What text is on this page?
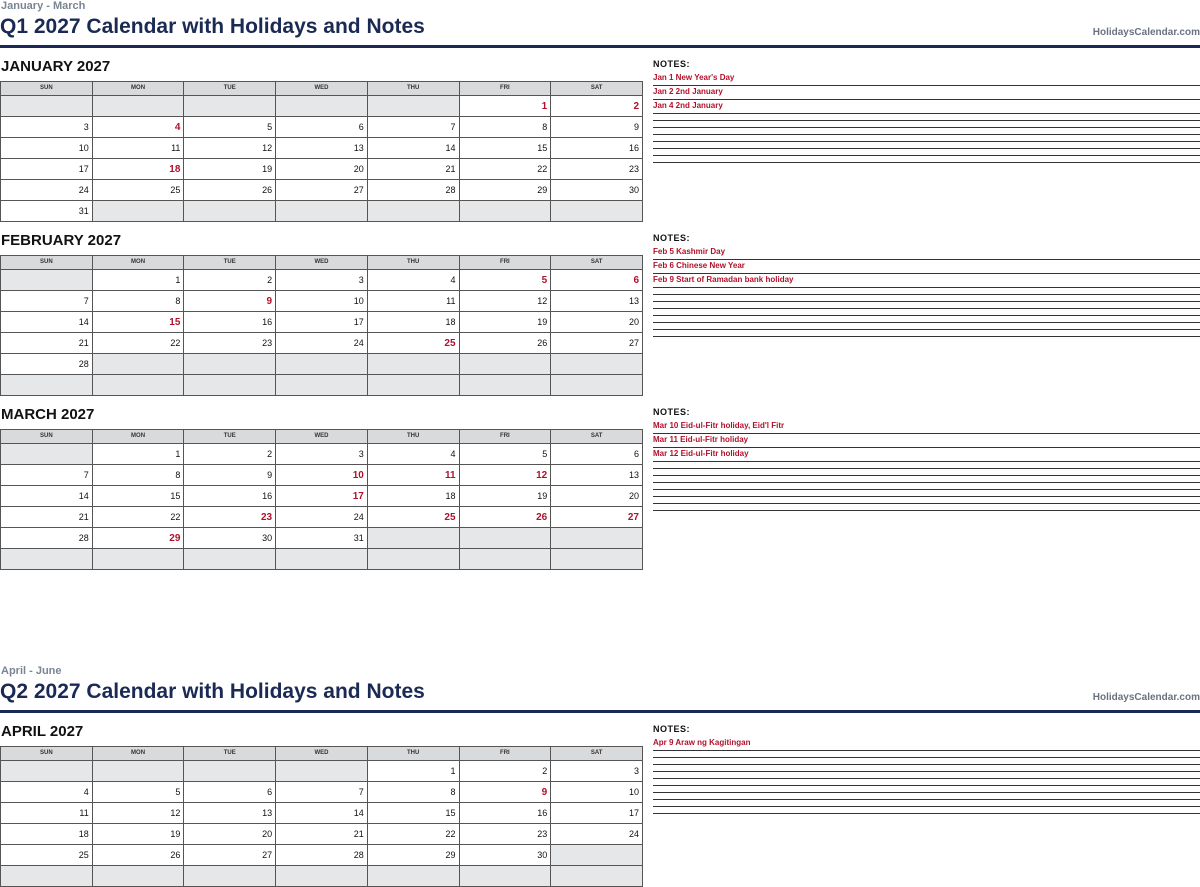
January - March
Q1 2027 Calendar with Holidays and Notes	HolidaysCalendar.com
JANUARY 2027
SUN	MON	TUE	WED	THU	FRI	SAT
					1	2
3	4	5	6	7	8	9
10	11	12	13	14	15	16
17	18	19	20	21	22	23
24	25	26	27	28	29	30
31						
NOTES:
Jan 1 New Year's Day
Jan 2 2nd January
Jan 4 2nd January
FEBRUARY 2027
SUN	MON	TUE	WED	THU	FRI	SAT
	1	2	3	4	5	6
7	8	9	10	11	12	13
14	15	16	17	18	19	20
21	22	23	24	25	26	27
28						

NOTES:
Feb 5 Kashmir Day
Feb 6 Chinese New Year
Feb 9 Start of Ramadan bank holiday
MARCH 2027
SUN	MON	TUE	WED	THU	FRI	SAT
	1	2	3	4	5	6
7	8	9	10	11	12	13
14	15	16	17	18	19	20
21	22	23	24	25	26	27
28	29	30	31			

NOTES:
Mar 10 Eid-ul-Fitr holiday, Eid'l Fitr
Mar 11 Eid-ul-Fitr holiday
Mar 12 Eid-ul-Fitr holiday
April - June
Q2 2027 Calendar with Holidays and Notes	HolidaysCalendar.com
APRIL 2027
SUN	MON	TUE	WED	THU	FRI	SAT
				1	2	3
4	5	6	7	8	9	10
11	12	13	14	15	16	17
18	19	20	21	22	23	24
25	26	27	28	29	30	

NOTES:
Apr 9 Araw ng Kagitingan
